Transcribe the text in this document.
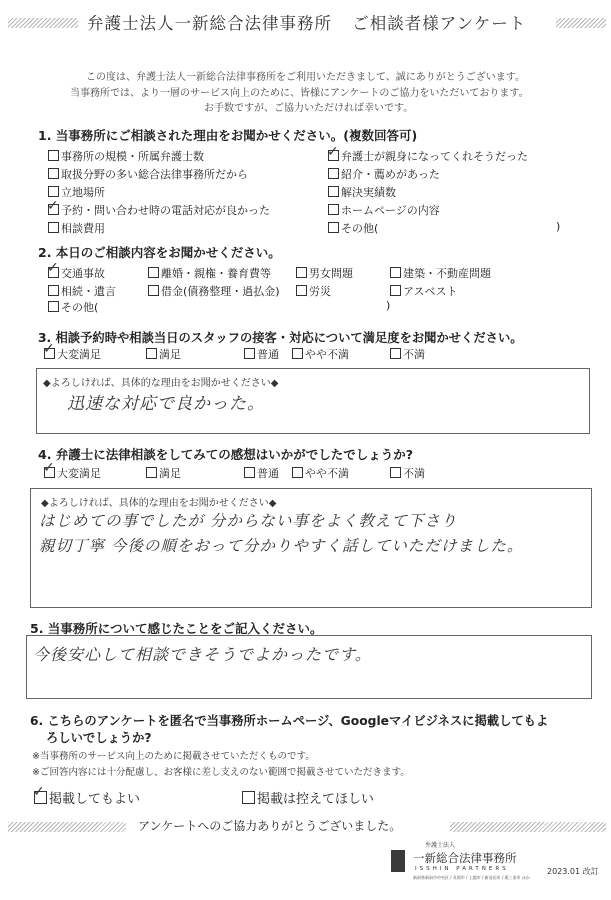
弁護士法人一新総合法律事務所 ご相談者様アンケート
この度は、弁護士法人一新総合法律事務所をご利用いただきまして、誠にありがとうございます。
当事務所では、より一層のサービス向上のために、皆様にアンケートのご協力をいただいております。
お手数ですが、ご協力いただければ幸いです。
1. 当事務所にご相談された理由をお聞かせください。(複数回答可)
事務所の規模・所属弁護士数
取扱分野の多い総合法律事務所だから
立地場所
✓予約・問い合わせ時の電話対応が良かった
相談費用
✓弁護士が親身になってくれそうだった
紹介・薦めがあった
解決実績数
ホームページの内容
その他(	)
2. 本日のご相談内容をお聞かせください。
✓交通事故	離婚・親権・養育費等	男女問題	建築・不動産問題
相続・遺言	借金(債務整理・過払金)	労災	アスベスト
その他(	)
3. 相談予約時や相談当日のスタッフの接客・対応について満足度をお聞かせください。
✓大変満足	満足	普通	やや不満	不満
◆よろしければ、具体的な理由をお聞かせください◆
迅速な対応で良かった。
4. 弁護士に法律相談をしてみての感想はいかがでしたでしょうか?
✓大変満足	満足	普通	やや不満	不満
◆よろしければ、具体的な理由をお聞かせください◆
はじめての事でしたが 分からない事をよく教えて下さり
親切丁寧 今後の順をおって分かりやすく話していただけました。
5. 当事務所について感じたことをご記入ください。
今後安心して相談できそうでよかったです。
6. こちらのアンケートを匿名で当事務所ホームページ、Googleマイビジネスに掲載してもよ
ろしいでしょうか?
※当事務所のサービス向上のために掲載させていただくものです。
※ご回答内容には十分配慮し、お客様に差し支えのない範囲で掲載させていただきます。
✓掲載してもよい	掲載は控えてほしい
アンケートへのご協力ありがとうございました。
弁護士法人
一新総合法律事務所
ISSHIN PARTNERS
新潟県新潟市中央区 / 長岡市 / 上越市 / 新発田市 / 燕三条市 ほか
2023.01 改訂
